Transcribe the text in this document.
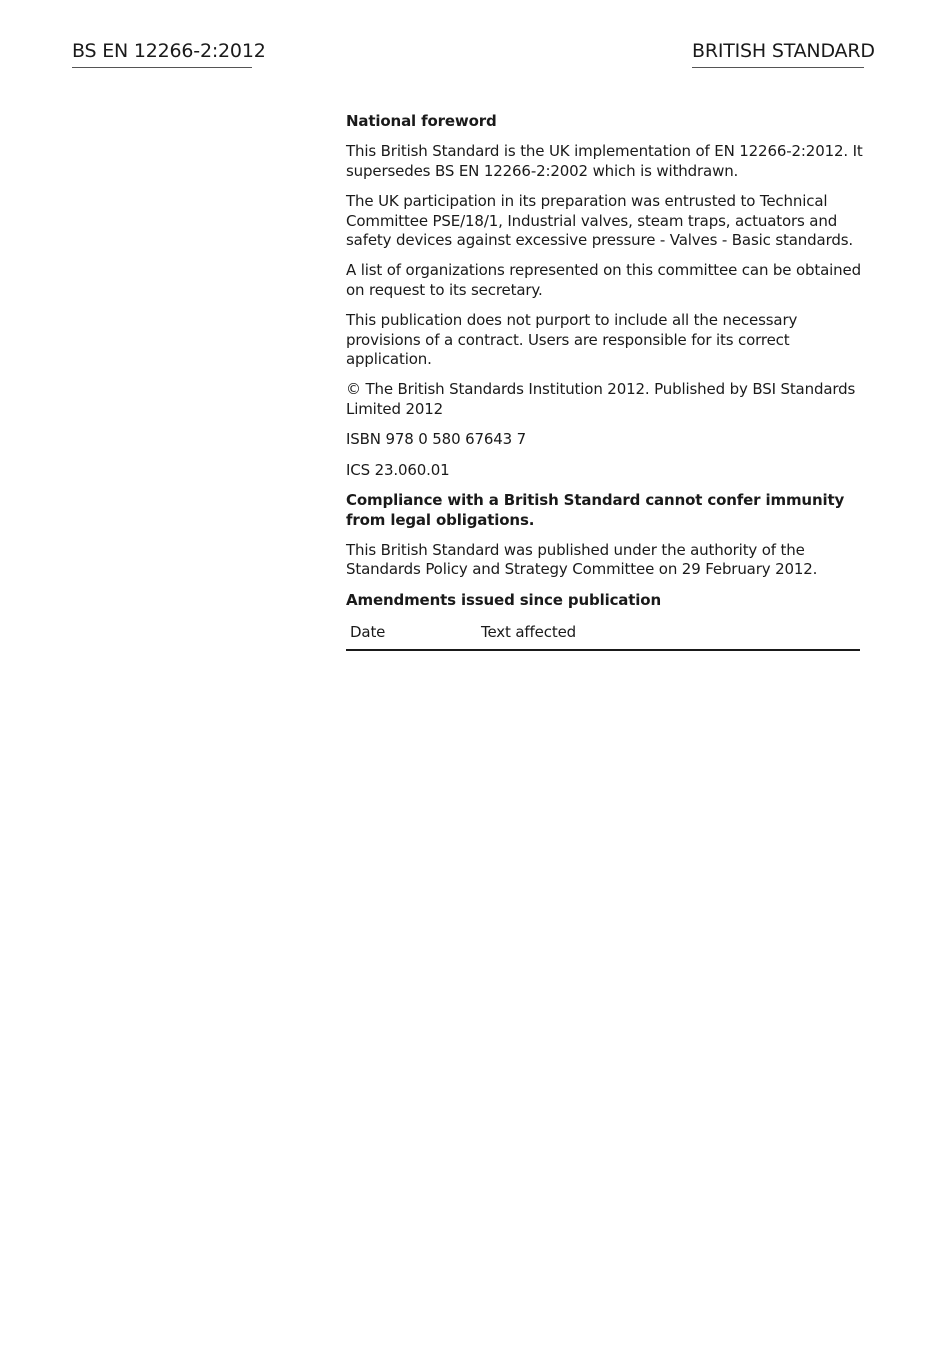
BS EN 12266-2:2012	BRITISH STANDARD

National foreword

This British Standard is the UK implementation of EN 12266-2:2012. It supersedes BS EN 12266-2:2002 which is withdrawn.

The UK participation in its preparation was entrusted to Technical Committee PSE/18/1, Industrial valves, steam traps, actuators and safety devices against excessive pressure - Valves - Basic standards.

A list of organizations represented on this committee can be obtained on request to its secretary.

This publication does not purport to include all the necessary provisions of a contract. Users are responsible for its correct application.

© The British Standards Institution 2012. Published by BSI Standards Limited 2012

ISBN 978 0 580 67643 7

ICS 23.060.01

Compliance with a British Standard cannot confer immunity from legal obligations.

This British Standard was published under the authority of the Standards Policy and Strategy Committee on 29 February 2012.

Amendments issued since publication

Date	Text affected
